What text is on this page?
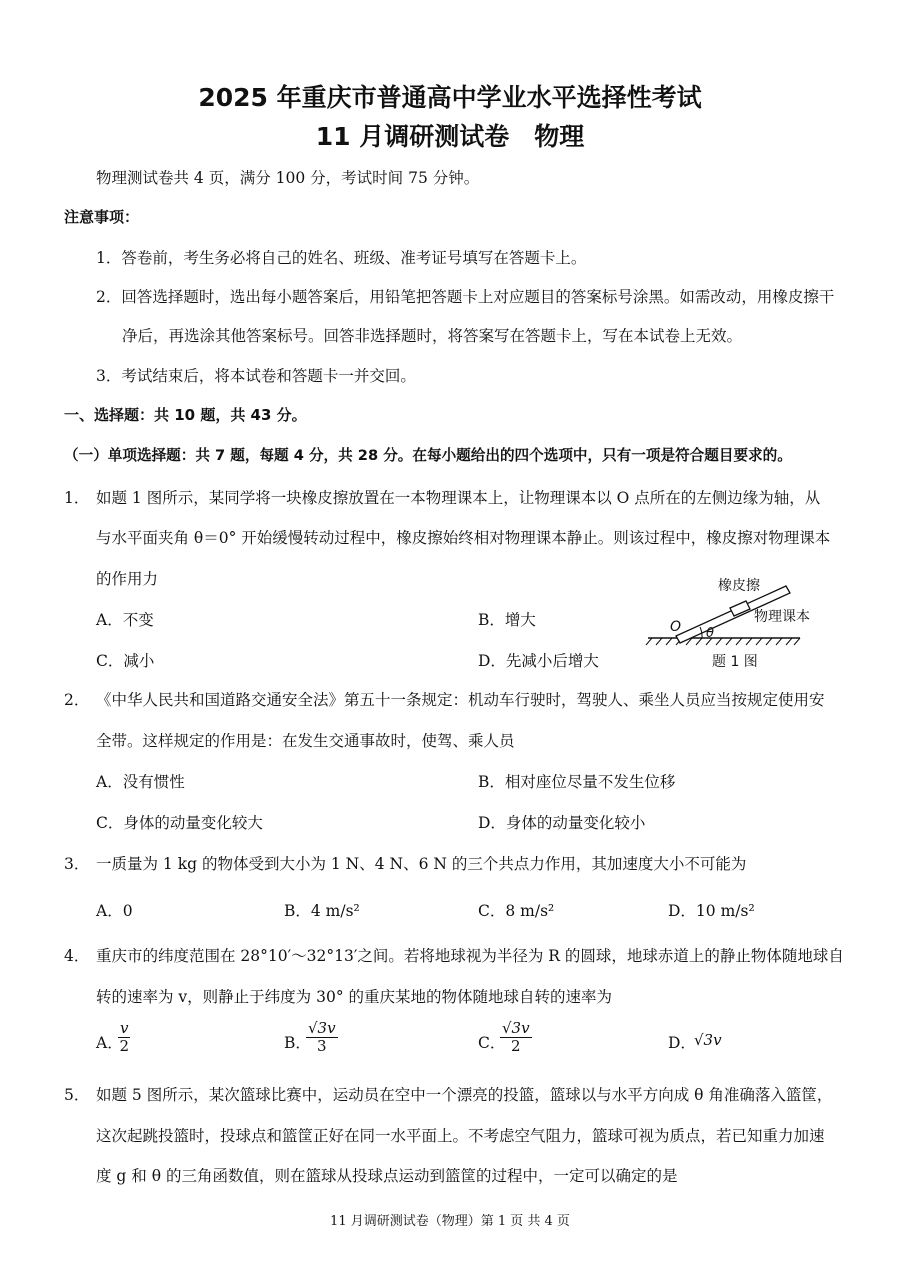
2025 年重庆市普通高中学业水平选择性考试
11 月调研测试卷　物理
物理测试卷共 4 页，满分 100 分，考试时间 75 分钟。
注意事项：
1．答卷前，考生务必将自己的姓名、班级、准考证号填写在答题卡上。
2．回答选择题时，选出每小题答案后，用铅笔把答题卡上对应题目的答案标号涂黑。如需改动，用橡皮擦干
净后，再选涂其他答案标号。回答非选择题时，将答案写在答题卡上，写在本试卷上无效。
3．考试结束后，将本试卷和答题卡一并交回。
一、选择题：共 10 题，共 43 分。
（一）单项选择题：共 7 题，每题 4 分，共 28 分。在每小题给出的四个选项中，只有一项是符合题目要求的。
1． 如题 1 图所示，某同学将一块橡皮擦放置在一本物理课本上，让物理课本以 O 点所在的左侧边缘为轴，从
与水平面夹角 θ＝0° 开始缓慢转动过程中，橡皮擦始终相对物理课本静止。则该过程中，橡皮擦对物理课本
的作用力
A．不变	B．增大
C．减小	D．先减小后增大
橡皮擦
物理课本
O θ
题 1 图
2． 《中华人民共和国道路交通安全法》第五十一条规定：机动车行驶时，驾驶人、乘坐人员应当按规定使用安
全带。这样规定的作用是：在发生交通事故时，使驾、乘人员
A．没有惯性	B．相对座位尽量不发生位移
C．身体的动量变化较大	D．身体的动量变化较小
3． 一质量为 1 kg 的物体受到大小为 1 N、4 N、6 N 的三个共点力作用，其加速度大小不可能为
A．0	B．4 m/s²	C．8 m/s²	D．10 m/s²
4． 重庆市的纬度范围在 28°10′～32°13′之间。若将地球视为半径为 R 的圆球，地球赤道上的静止物体随地球自
转的速率为 v，则静止于纬度为 30° 的重庆某地的物体随地球自转的速率为
A．
$\frac{v}{2}$	B．
$\frac{√3v}{3}$	C．
$\frac{√3v}{2}$	D．
√3v
5． 如题 5 图所示，某次篮球比赛中，运动员在空中一个漂亮的投篮，篮球以与水平方向成 θ 角准确落入篮筐，
这次起跳投篮时，投球点和篮筐正好在同一水平面上。不考虑空气阻力，篮球可视为质点，若已知重力加速
度 g 和 θ 的三角函数值，则在篮球从投球点运动到篮筐的过程中，一定可以确定的是
11 月调研测试卷（物理）第 1 页 共 4 页
